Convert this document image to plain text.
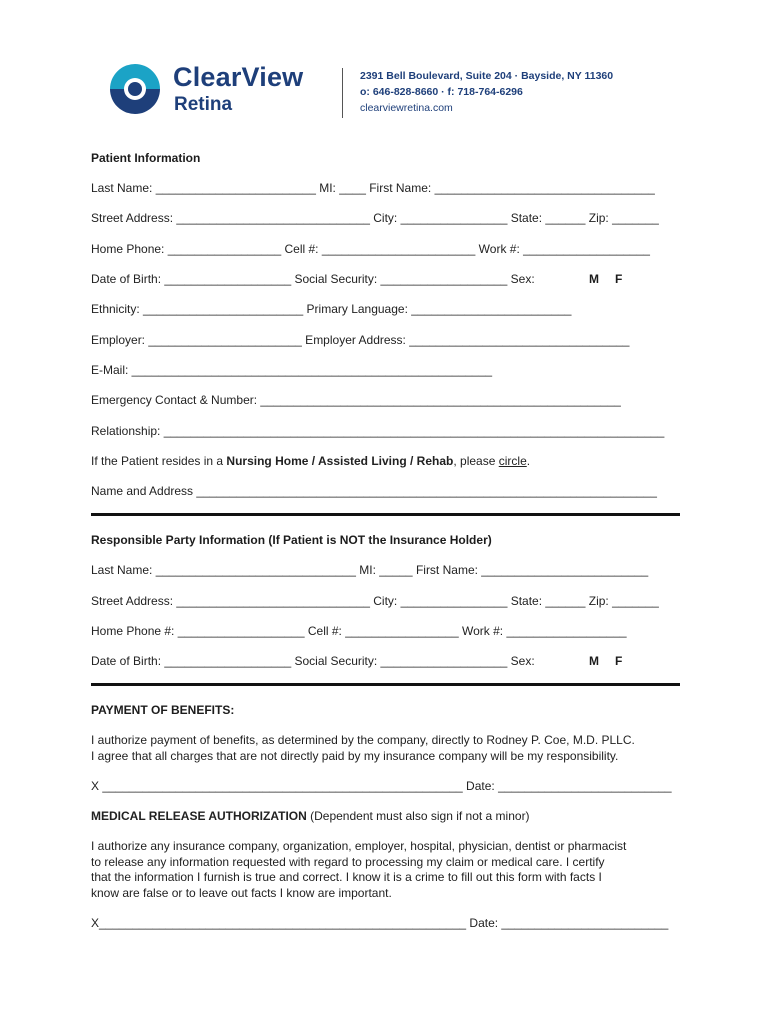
ClearView
Retina
2391 Bell Boulevard, Suite 204 · Bayside, NY 11360
o: 646-828-8660 · f: 718-764-6296
clearviewretina.com
Patient Information
Last Name: ________________________ MI: ____ First Name: _________________________________
Street Address: _____________________________ City: ________________ State: ______ Zip: _______
Home Phone: _________________ Cell #: _______________________ Work #: ___________________
Date of Birth: ___________________ Social Security: ___________________ Sex:	M F
Ethnicity: ________________________ Primary Language: ________________________
Employer: _______________________ Employer Address: _________________________________
E-Mail: ______________________________________________________
Emergency Contact & Number: ______________________________________________________
Relationship: ___________________________________________________________________________
If the Patient resides in a Nursing Home / Assisted Living / Rehab, please circle.
Name and Address _____________________________________________________________________
Responsible Party Information (If Patient is NOT the Insurance Holder)
Last Name: ______________________________ MI: _____ First Name: _________________________
Street Address: _____________________________ City: ________________ State: ______ Zip: _______
Home Phone #: ___________________ Cell #: _________________ Work #: __________________
Date of Birth: ___________________ Social Security: ___________________ Sex:	M F
PAYMENT OF BENEFITS:
I authorize payment of benefits, as determined by the company, directly to Rodney P. Coe, M.D. PLLC.
I agree that all charges that are not directly paid by my insurance company will be my responsibility.
X ______________________________________________________ Date: __________________________
MEDICAL RELEASE AUTHORIZATION (Dependent must also sign if not a minor)
I authorize any insurance company, organization, employer, hospital, physician, dentist or pharmacist
to release any information requested with regard to processing my claim or medical care. I certify
that the information I furnish is true and correct. I know it is a crime to fill out this form with facts I
know are false or to leave out facts I know are important.
X_______________________________________________________ Date: _________________________
